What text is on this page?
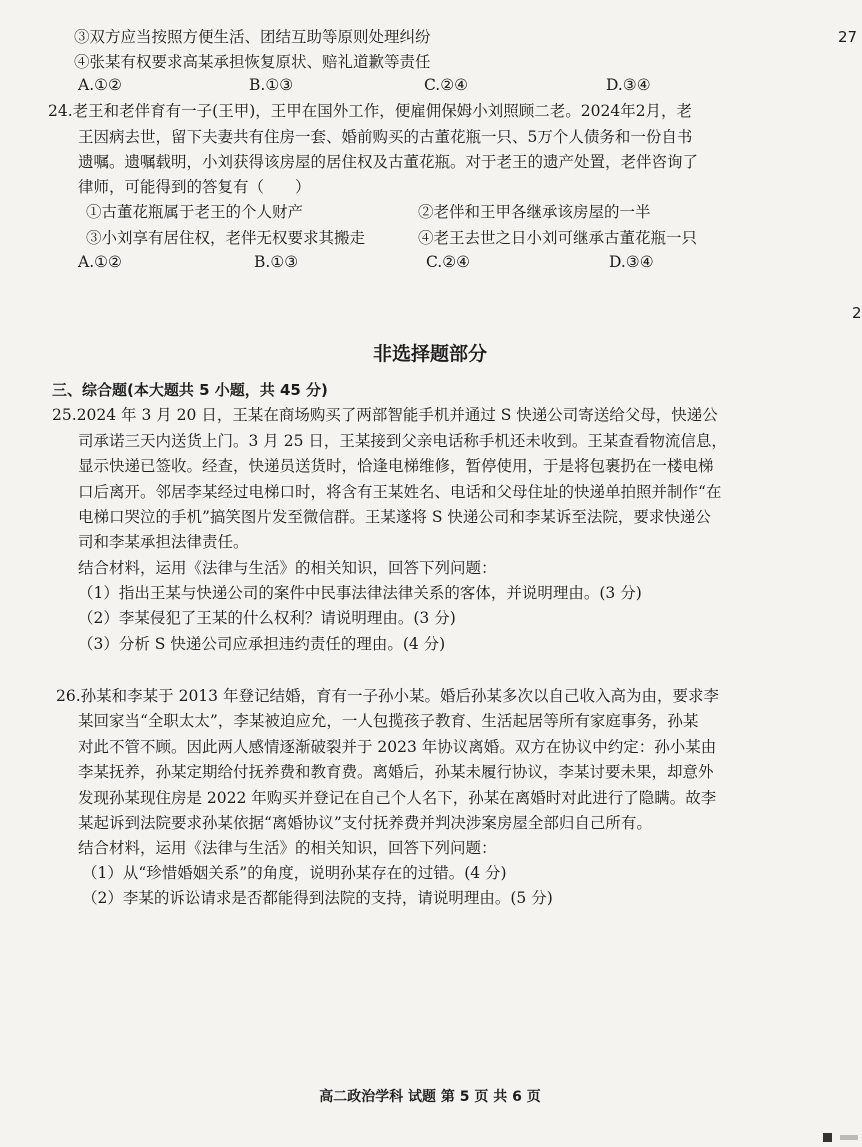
27
2
③双方应当按照方便生活、团结互助等原则处理纠纷
④张某有权要求高某承担恢复原状、赔礼道歉等责任
A.①②	B.①③	C.②④	D.③④
24.老王和老伴育有一子(王甲)，王甲在国外工作，便雇佣保姆小刘照顾二老。2024年2月，老
王因病去世，留下夫妻共有住房一套、婚前购买的古董花瓶一只、5万个人债务和一份自书
遗嘱。遗嘱载明，小刘获得该房屋的居住权及古董花瓶。对于老王的遗产处置，老伴咨询了
律师，可能得到的答复有（　　）
①古董花瓶属于老王的个人财产	②老伴和王甲各继承该房屋的一半
③小刘享有居住权，老伴无权要求其搬走	④老王去世之日小刘可继承古董花瓶一只
A.①②	B.①③	C.②④	D.③④
非选择题部分
三、综合题(本大题共 5 小题，共 45 分)
25.2024 年 3 月 20 日，王某在商场购买了两部智能手机并通过 S 快递公司寄送给父母，快递公
司承诺三天内送货上门。3 月 25 日，王某接到父亲电话称手机还未收到。王某查看物流信息，
显示快递已签收。经查，快递员送货时，恰逢电梯维修，暂停使用，于是将包裹扔在一楼电梯
口后离开。邻居李某经过电梯口时，将含有王某姓名、电话和父母住址的快递单拍照并制作“在
电梯口哭泣的手机”搞笑图片发至微信群。王某遂将 S 快递公司和李某诉至法院，要求快递公
司和李某承担法律责任。
结合材料，运用《法律与生活》的相关知识，回答下列问题：
（1）指出王某与快递公司的案件中民事法律法律关系的客体，并说明理由。(3 分)
（2）李某侵犯了王某的什么权利？请说明理由。(3 分)
（3）分析 S 快递公司应承担违约责任的理由。(4 分)
26.孙某和李某于 2013 年登记结婚，育有一子孙小某。婚后孙某多次以自己收入高为由，要求李
某回家当“全职太太”，李某被迫应允，一人包揽孩子教育、生活起居等所有家庭事务，孙某
对此不管不顾。因此两人感情逐渐破裂并于 2023 年协议离婚。双方在协议中约定：孙小某由
李某抚养，孙某定期给付抚养费和教育费。离婚后，孙某未履行协议，李某讨要未果，却意外
发现孙某现住房是 2022 年购买并登记在自己个人名下，孙某在离婚时对此进行了隐瞒。故李
某起诉到法院要求孙某依据“离婚协议”支付抚养费并判决涉案房屋全部归自己所有。
结合材料，运用《法律与生活》的相关知识，回答下列问题：
（1）从“珍惜婚姻关系”的角度，说明孙某存在的过错。(4 分)
（2）李某的诉讼请求是否都能得到法院的支持，请说明理由。(5 分)
高二政治学科 试题 第 5 页 共 6 页
